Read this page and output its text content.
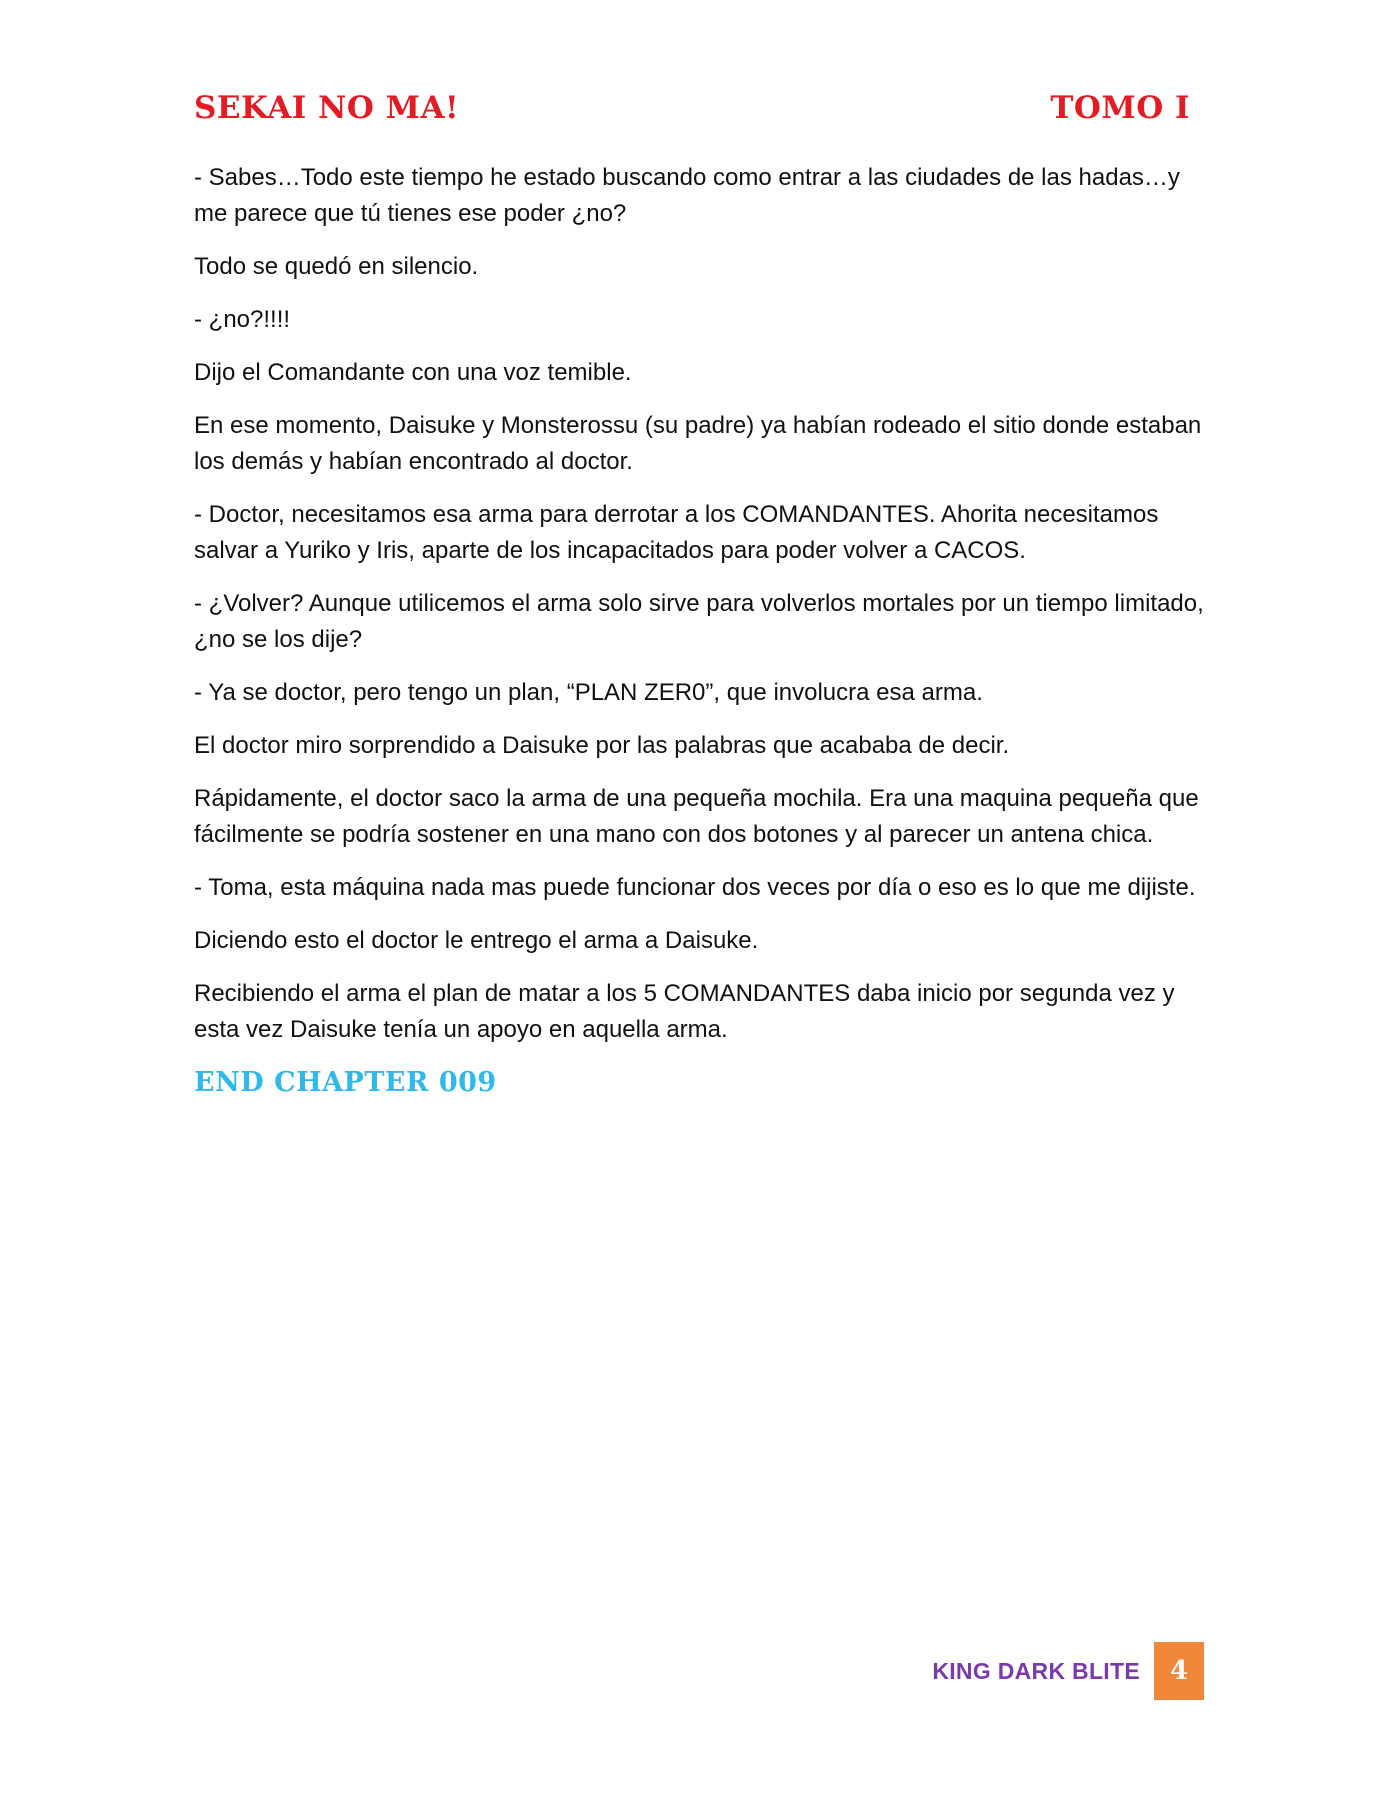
SEKAI NO MA!	TOMO I

- Sabes…Todo este tiempo he estado buscando como entrar a las ciudades de las hadas…y me parece que tú tienes ese poder ¿no?

Todo se quedó en silencio.

- ¿no?!!!!

Dijo el Comandante con una voz temible.

En ese momento, Daisuke y Monsterossu (su padre) ya habían rodeado el sitio donde estaban los demás y habían encontrado al doctor.

- Doctor, necesitamos esa arma para derrotar a los COMANDANTES. Ahorita necesitamos salvar a Yuriko y Iris, aparte de los incapacitados para poder volver a CACOS.

- ¿Volver? Aunque utilicemos el arma solo sirve para volverlos mortales por un tiempo limitado, ¿no se los dije?

- Ya se doctor, pero tengo un plan, “PLAN ZER0”, que involucra esa arma.

El doctor miro sorprendido a Daisuke por las palabras que acababa de decir.

Rápidamente, el doctor saco la arma de una pequeña mochila. Era una maquina pequeña que fácilmente se podría sostener en una mano con dos botones y al parecer un antena chica.

- Toma, esta máquina nada mas puede funcionar dos veces por día o eso es lo que me dijiste.

Diciendo esto el doctor le entrego el arma a Daisuke.

Recibiendo el arma el plan de matar a los 5 COMANDANTES daba inicio por segunda vez y esta vez Daisuke tenía un apoyo en aquella arma.

END CHAPTER 009
KING DARK BLITE	4
